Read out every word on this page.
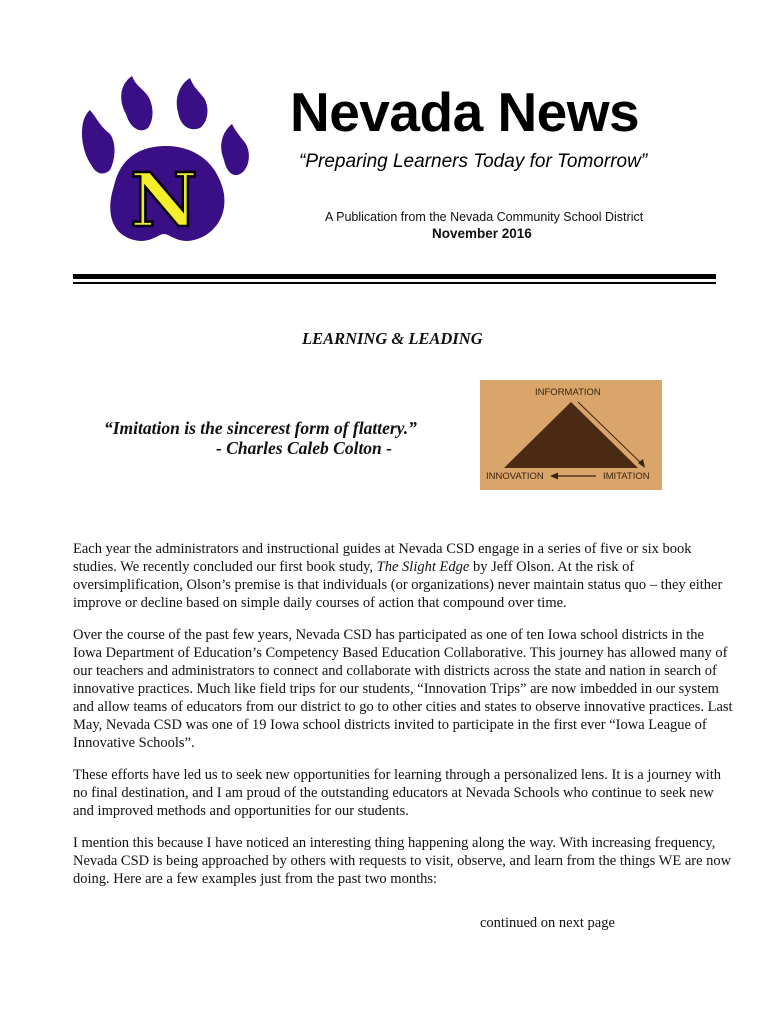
N
Nevada News
“Preparing Learners Today for Tomorrow”
A Publication from the Nevada Community School District
November 2016
LEARNING & LEADING

“Imitation is the sincerest form of flattery.”

- Charles Caleb Colton -
INFORMATION
INNOVATION	IMITATION

Each year the administrators and instructional guides at Nevada CSD engage in a series of five or six book studies. We recently concluded our first book study, The Slight Edge by Jeff Olson. At the risk of oversimplification, Olson’s premise is that individuals (or organizations) never maintain status quo – they either improve or decline based on simple daily courses of action that compound over time.

Over the course of the past few years, Nevada CSD has participated as one of ten Iowa school districts in the Iowa Department of Education’s Competency Based Education Collaborative. This journey has allowed many of our teachers and administrators to connect and collaborate with districts across the state and nation in search of innovative practices. Much like field trips for our students, “Innovation Trips” are now imbedded in our system and allow teams of educators from our district to go to other cities and states to observe innovative practices. Last May, Nevada CSD was one of 19 Iowa school districts invited to participate in the first ever “Iowa League of Innovative Schools”.

These efforts have led us to seek new opportunities for learning through a personalized lens. It is a journey with no final destination, and I am proud of the outstanding educators at Nevada Schools who continue to seek new and improved methods and opportunities for our students.

I mention this because I have noticed an interesting thing happening along the way. With increasing frequency, Nevada CSD is being approached by others with requests to visit, observe, and learn from the things WE are now doing. Here are a few examples just from the past two months:

continued on next page
